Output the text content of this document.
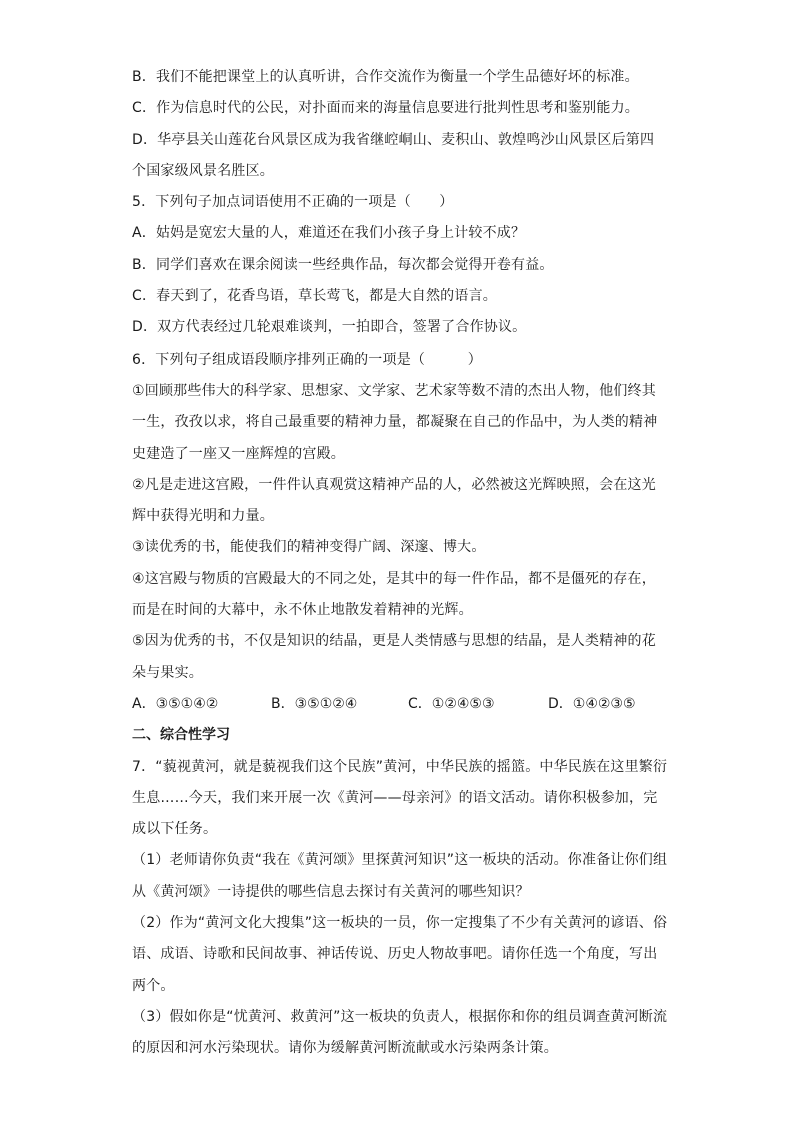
B．我们不能把课堂上的认真听讲，合作交流作为衡量一个学生品德好坏的标准。
C．作为信息时代的公民，对扑面而来的海量信息要进行批判性思考和鉴别能力。
D．华亭县关山莲花台风景区成为我省继崆峒山、麦积山、敦煌鸣沙山风景区后第四
个国家级风景名胜区。
5．下列句子加点词语使用不正确的一项是（　　）
A．姑妈是宽宏大量的人，难道还在我们小孩子身上计较不成？
B．同学们喜欢在课余阅读一些经典作品，每次都会觉得开卷有益。
C．春天到了，花香鸟语，草长莺飞，都是大自然的语言。
D．双方代表经过几轮艰难谈判，一拍即合，签署了合作协议。
6．下列句子组成语段顺序排列正确的一项是（　　　）
①回顾那些伟大的科学家、思想家、文学家、艺术家等数不清的杰出人物，他们终其
一生，孜孜以求，将自己最重要的精神力量，都凝聚在自己的作品中，为人类的精神
史建造了一座又一座辉煌的宫殿。
②凡是走进这宫殿，一件件认真观赏这精神产品的人，必然被这光辉映照，会在这光
辉中获得光明和力量。
③读优秀的书，能使我们的精神变得广阔、深邃、博大。
④这宫殿与物质的宫殿最大的不同之处，是其中的每一件作品，都不是僵死的存在，
而是在时间的大幕中，永不休止地散发着精神的光辉。
⑤因为优秀的书，不仅是知识的结晶，更是人类情感与思想的结晶，是人类精神的花
朵与果实。
A．③⑤①④②	B．③⑤①②④	C．①②④⑤③	D．①④②③⑤
二、综合性学习
7．“藐视黄河，就是藐视我们这个民族”黄河，中华民族的摇篮。中华民族在这里繁衍
生息……今天，我们来开展一次《黄河——母亲河》的语文活动。请你积极参加，完
成以下任务。
（1）老师请你负责“我在《黄河颂》里探黄河知识”这一板块的活动。你准备让你们组
从《黄河颂》一诗提供的哪些信息去探讨有关黄河的哪些知识？
（2）作为“黄河文化大搜集”这一板块的一员，你一定搜集了不少有关黄河的谚语、俗
语、成语、诗歌和民间故事、神话传说、历史人物故事吧。请你任选一个角度，写出
两个。
（3）假如你是“忧黄河、救黄河”这一板块的负责人，根据你和你的组员调查黄河断流
的原因和河水污染现状。请你为缓解黄河断流献或水污染两条计策。
